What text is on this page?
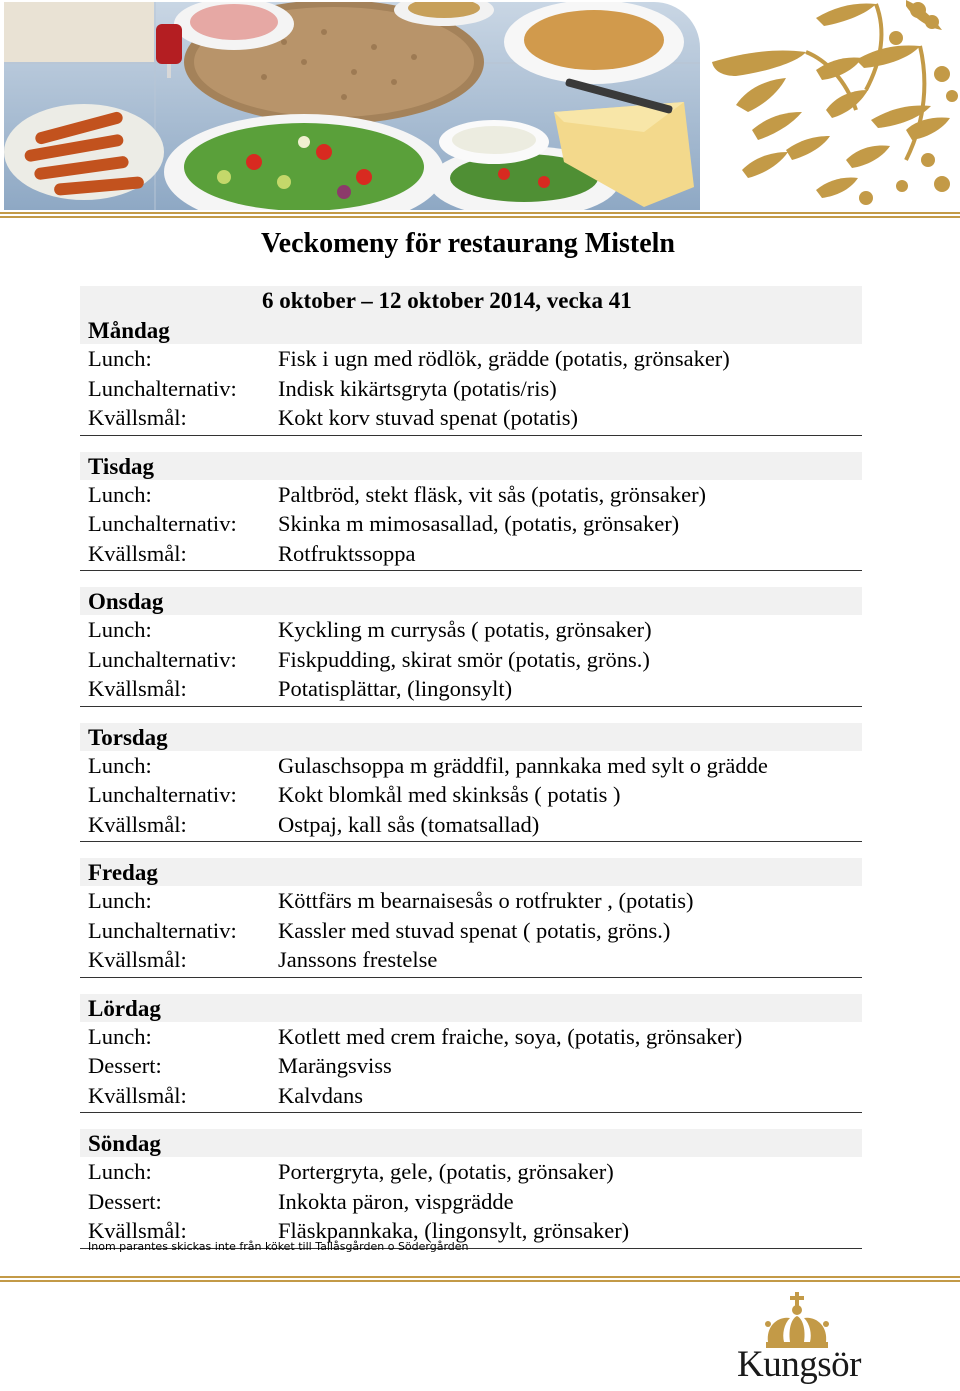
Veckomeny för restaurang Misteln
6 oktober – 12 oktober 2014, vecka 41
Måndag
Lunch:	Fisk i ugn med rödlök, grädde (potatis, grönsaker)
Lunchalternativ:	Indisk kikärtsgryta (potatis/ris)
Kvällsmål:	Kokt korv stuvad spenat (potatis)
Tisdag
Lunch:	Paltbröd, stekt fläsk, vit sås (potatis, grönsaker)
Lunchalternativ:	Skinka m mimosasallad, (potatis, grönsaker)
Kvällsmål:	Rotfruktssoppa
Onsdag
Lunch:	Kyckling m currysås ( potatis, grönsaker)
Lunchalternativ:	Fiskpudding, skirat smör (potatis, gröns.)
Kvällsmål:	Potatisplättar, (lingonsylt)
Torsdag
Lunch:	Gulaschsoppa m gräddfil, pannkaka med sylt o grädde
Lunchalternativ:	Kokt blomkål med skinksås ( potatis )
Kvällsmål:	Ostpaj, kall sås (tomatsallad)
Fredag
Lunch:	Köttfärs m bearnaisesås o rotfrukter , (potatis)
Lunchalternativ:	Kassler med stuvad spenat ( potatis, gröns.)
Kvällsmål:	Janssons frestelse
Lördag
Lunch:	Kotlett med crem fraiche, soya, (potatis, grönsaker)
Dessert:	Marängsviss
Kvällsmål:	Kalvdans
Söndag
Lunch:	Portergryta, gele, (potatis, grönsaker)
Dessert:	Inkokta päron, vispgrädde
Kvällsmål:	Fläskpannkaka, (lingonsylt, grönsaker)
Inom parantes skickas inte från köket till Tallåsgården o Södergården
Kungsör
